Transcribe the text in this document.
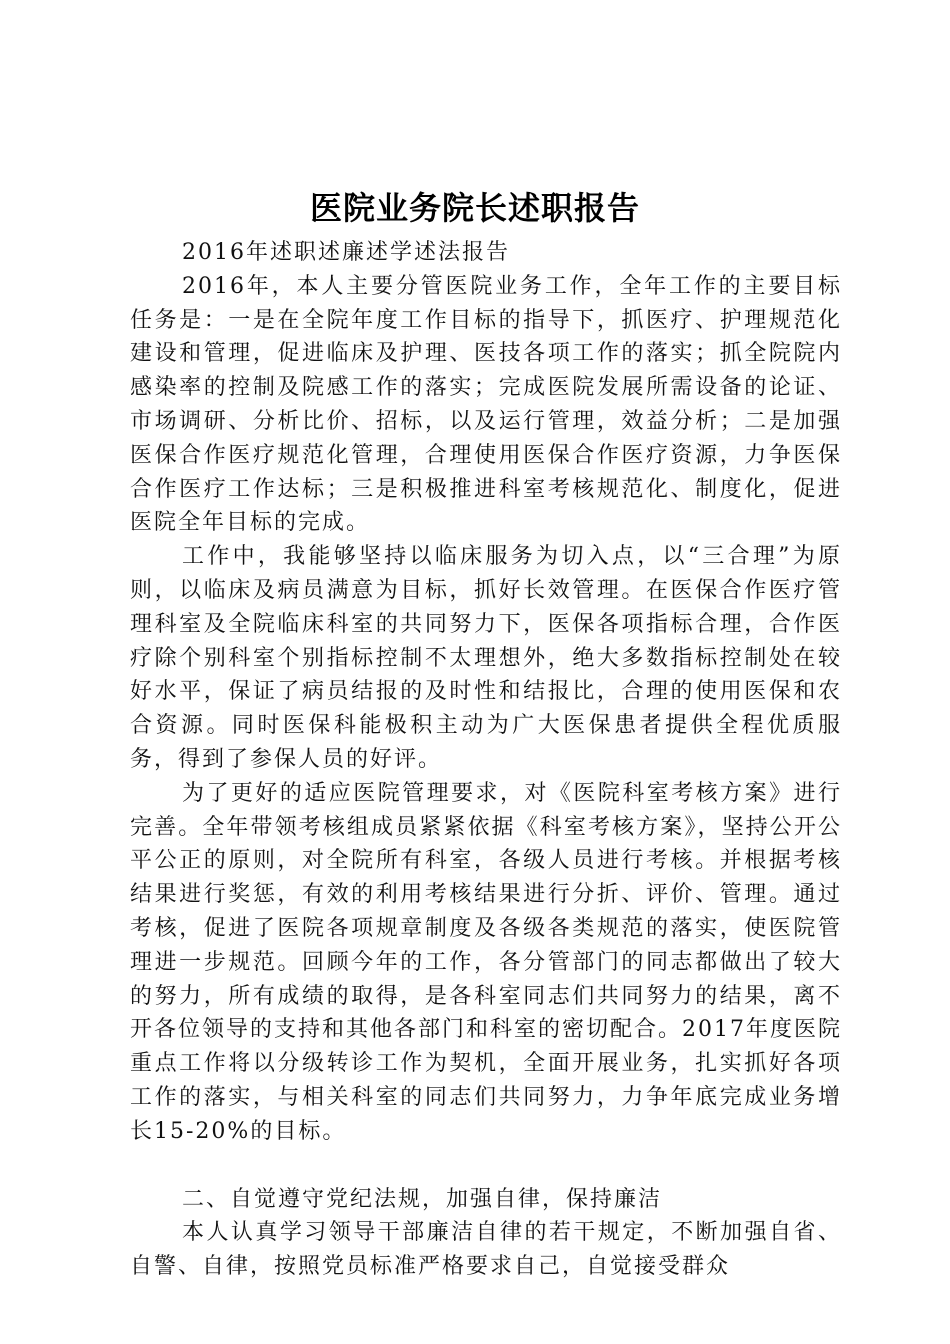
医院业务院长述职报告

2016年述职述廉述学述法报告

2016年，本人主要分管医院业务工作，全年工作的主要目标任务是：一是在全院年度工作目标的指导下，抓医疗、护理规范化建设和管理，促进临床及护理、医技各项工作的落实；抓全院院内感染率的控制及院感工作的落实；完成医院发展所需设备的论证、市场调研、分析比价、招标，以及运行管理，效益分析；二是加强医保合作医疗规范化管理，合理使用医保合作医疗资源，力争医保合作医疗工作达标；三是积极推进科室考核规范化、制度化，促进医院全年目标的完成。

工作中，我能够坚持以临床服务为切入点，以“三合理”为原则，以临床及病员满意为目标，抓好长效管理。在医保合作医疗管理科室及全院临床科室的共同努力下，医保各项指标合理，合作医疗除个别科室个别指标控制不太理想外，绝大多数指标控制处在较好水平，保证了病员结报的及时性和结报比，合理的使用医保和农合资源。同时医保科能极积主动为广大医保患者提供全程优质服务，得到了参保人员的好评。

为了更好的适应医院管理要求，对《医院科室考核方案》进行完善。全年带领考核组成员紧紧依据《科室考核方案》，坚持公开公平公正的原则，对全院所有科室，各级人员进行考核。并根据考核结果进行奖惩，有效的利用考核结果进行分折、评价、管理。通过考核，促进了医院各项规章制度及各级各类规范的落实，使医院管理进一步规范。回顾今年的工作，各分管部门的同志都做出了较大的努力，所有成绩的取得，是各科室同志们共同努力的结果，离不开各位领导的支持和其他各部门和科室的密切配合。2017年度医院重点工作将以分级转诊工作为契机，全面开展业务，扎实抓好各项工作的落实，与相关科室的同志们共同努力，力争年底完成业务增长15-20%的目标。

二、自觉遵守党纪法规，加强自律，保持廉洁

本人认真学习领导干部廉洁自律的若干规定，不断加强自省、自警、自律，按照党员标准严格要求自己，自觉接受群众
